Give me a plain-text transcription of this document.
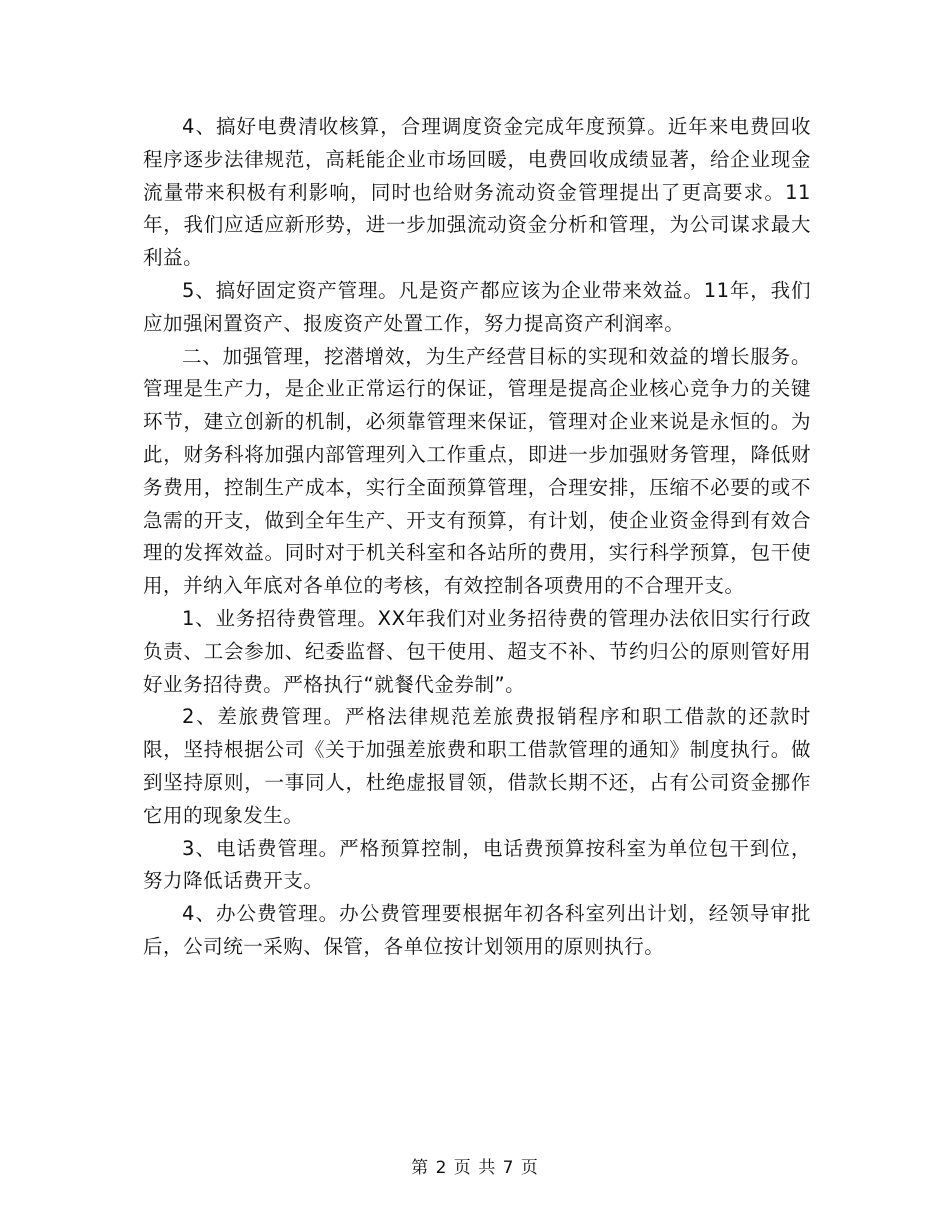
4、搞好电费清收核算，合理调度资金完成年度预算。近年来电费回收程序逐步法律规范，高耗能企业市场回暖，电费回收成绩显著，给企业现金流量带来积极有利影响，同时也给财务流动资金管理提出了更高要求。11年，我们应适应新形势，进一步加强流动资金分析和管理，为公司谋求最大利益。

5、搞好固定资产管理。凡是资产都应该为企业带来效益。11年，我们应加强闲置资产、报废资产处置工作，努力提高资产利润率。

二、加强管理，挖潜增效，为生产经营目标的实现和效益的增长服务。管理是生产力，是企业正常运行的保证，管理是提高企业核心竞争力的关键环节，建立创新的机制，必须靠管理来保证，管理对企业来说是永恒的。为此，财务科将加强内部管理列入工作重点，即进一步加强财务管理，降低财务费用，控制生产成本，实行全面预算管理，合理安排，压缩不必要的或不急需的开支，做到全年生产、开支有预算，有计划，使企业资金得到有效合理的发挥效益。同时对于机关科室和各站所的费用，实行科学预算，包干使用，并纳入年底对各单位的考核，有效控制各项费用的不合理开支。

1、业务招待费管理。XX年我们对业务招待费的管理办法依旧实行行政负责、工会参加、纪委监督、包干使用、超支不补、节约归公的原则管好用好业务招待费。严格执行“就餐代金券制”。

2、差旅费管理。严格法律规范差旅费报销程序和职工借款的还款时限，坚持根据公司《关于加强差旅费和职工借款管理的通知》制度执行。做到坚持原则，一事同人，杜绝虚报冒领，借款长期不还，占有公司资金挪作它用的现象发生。

3、电话费管理。严格预算控制，电话费预算按科室为单位包干到位，努力降低话费开支。

4、办公费管理。办公费管理要根据年初各科室列出计划，经领导审批后，公司统一采购、保管，各单位按计划领用的原则执行。

第 2 页 共 7 页
